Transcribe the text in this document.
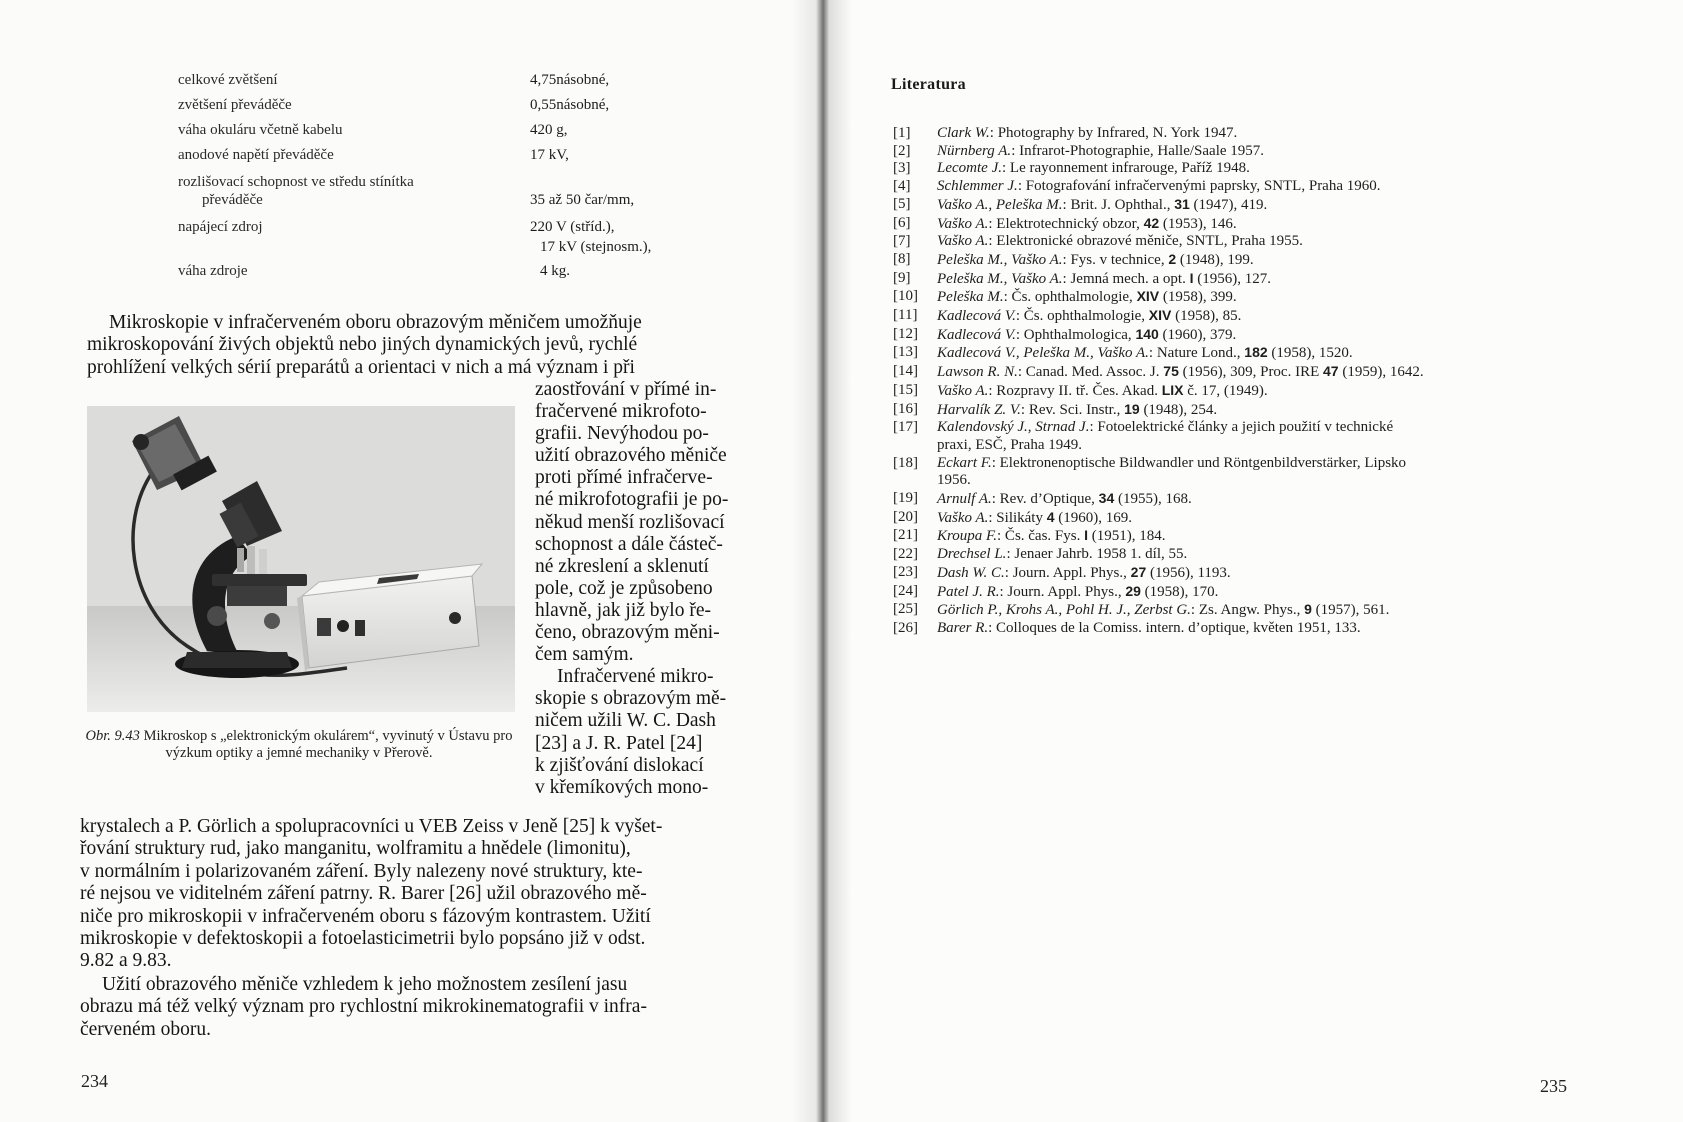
celkové zvětšení	4,75násobné,
zvětšení převáděče	0,55násobné,
váha okuláru včetně kabelu	420 g,
anodové napětí převáděče	17 kV,
rozlišovací schopnost ve středu stínítka
převáděče	35 až 50 čar/mm,
napájecí zdroj	220 V (stříd.),
17 kV (stejnosm.),
váha zdroje	4 kg.
Mikroskopie v infračerveném oboru obrazovým měničem umožňuje
mikroskopování živých objektů nebo jiných dynamických jevů, rychlé
prohlížení velkých sérií preparátů a orientaci v nich a má význam i při
zaostřování v přímé in-
fračervené mikrofoto-
grafii. Nevýhodou po-
užití obrazového měniče
proti přímé infračerve-
né mikrofotografii je po-
někud menší rozlišovací
schopnost a dále částeč-
né zkreslení a sklenutí
pole, což je způsobeno
hlavně, jak již bylo ře-
čeno, obrazovým měni-
čem samým.
Infračervené mikro-
skopie s obrazovým mě-
ničem užili W. C. Dash
[23] a J. R. Patel [24]
k zjišťování dislokací
v křemíkových mono-
Obr. 9.43 Mikroskop s „elektronickým okulárem“, vyvinutý v Ústavu pro výzkum optiky a jemné mechaniky v Přerově.
krystalech a P. Görlich a spolupracovníci u VEB Zeiss v Jeně [25] k vyšet-
řování struktury rud, jako manganitu, wolframitu a hnědele (limonitu),
v normálním i polarizovaném záření. Byly nalezeny nové struktury, kte-
ré nejsou ve viditelném záření patrny. R. Barer [26] užil obrazového mě-
niče pro mikroskopii v infračerveném oboru s fázovým kontrastem. Užití
mikroskopie v defektoskopii a fotoelasticimetrii bylo popsáno již v odst.
9.82 a 9.83.
Užití obrazového měniče vzhledem k jeho možnostem zesílení jasu
obrazu má též velký význam pro rychlostní mikrokinematografii v infra-
červeném oboru.
234
Literatura
[1]	Clark W.: Photography by Infrared, N. York 1947.
[2]	Nürnberg A.: Infrarot-Photographie, Halle/Saale 1957.
[3]	Lecomte J.: Le rayonnement infrarouge, Paříž 1948.
[4]	Schlemmer J.: Fotografování infračervenými paprsky, SNTL, Praha 1960.
[5]	Vaško A., Peleška M.: Brit. J. Ophthal., 31 (1947), 419.
[6]	Vaško A.: Elektrotechnický obzor, 42 (1953), 146.
[7]	Vaško A.: Elektronické obrazové měniče, SNTL, Praha 1955.
[8]	Peleška M., Vaško A.: Fys. v technice, 2 (1948), 199.
[9]	Peleška M., Vaško A.: Jemná mech. a opt. I (1956), 127.
[10]	Peleška M.: Čs. ophthalmologie, XIV (1958), 399.
[11]	Kadlecová V.: Čs. ophthalmologie, XIV (1958), 85.
[12]	Kadlecová V.: Ophthalmologica, 140 (1960), 379.
[13]	Kadlecová V., Peleška M., Vaško A.: Nature Lond., 182 (1958), 1520.
[14]	Lawson R. N.: Canad. Med. Assoc. J. 75 (1956), 309, Proc. IRE 47 (1959), 1642.
[15]	Vaško A.: Rozpravy II. tř. Čes. Akad. LIX č. 17, (1949).
[16]	Harvalík Z. V.: Rev. Sci. Instr., 19 (1948), 254.
[17]	Kalendovský J., Strnad J.: Fotoelektrické články a jejich použití v technické
praxi, ESČ, Praha 1949.
[18]	Eckart F.: Elektronenoptische Bildwandler und Röntgenbildverstärker, Lipsko
1956.
[19]	Arnulf A.: Rev. d’Optique, 34 (1955), 168.
[20]	Vaško A.: Silikáty 4 (1960), 169.
[21]	Kroupa F.: Čs. čas. Fys. I (1951), 184.
[22]	Drechsel L.: Jenaer Jahrb. 1958 1. díl, 55.
[23]	Dash W. C.: Journ. Appl. Phys., 27 (1956), 1193.
[24]	Patel J. R.: Journ. Appl. Phys., 29 (1958), 170.
[25]	Görlich P., Krohs A., Pohl H. J., Zerbst G.: Zs. Angw. Phys., 9 (1957), 561.
[26]	Barer R.: Colloques de la Comiss. intern. d’optique, květen 1951, 133.
235
